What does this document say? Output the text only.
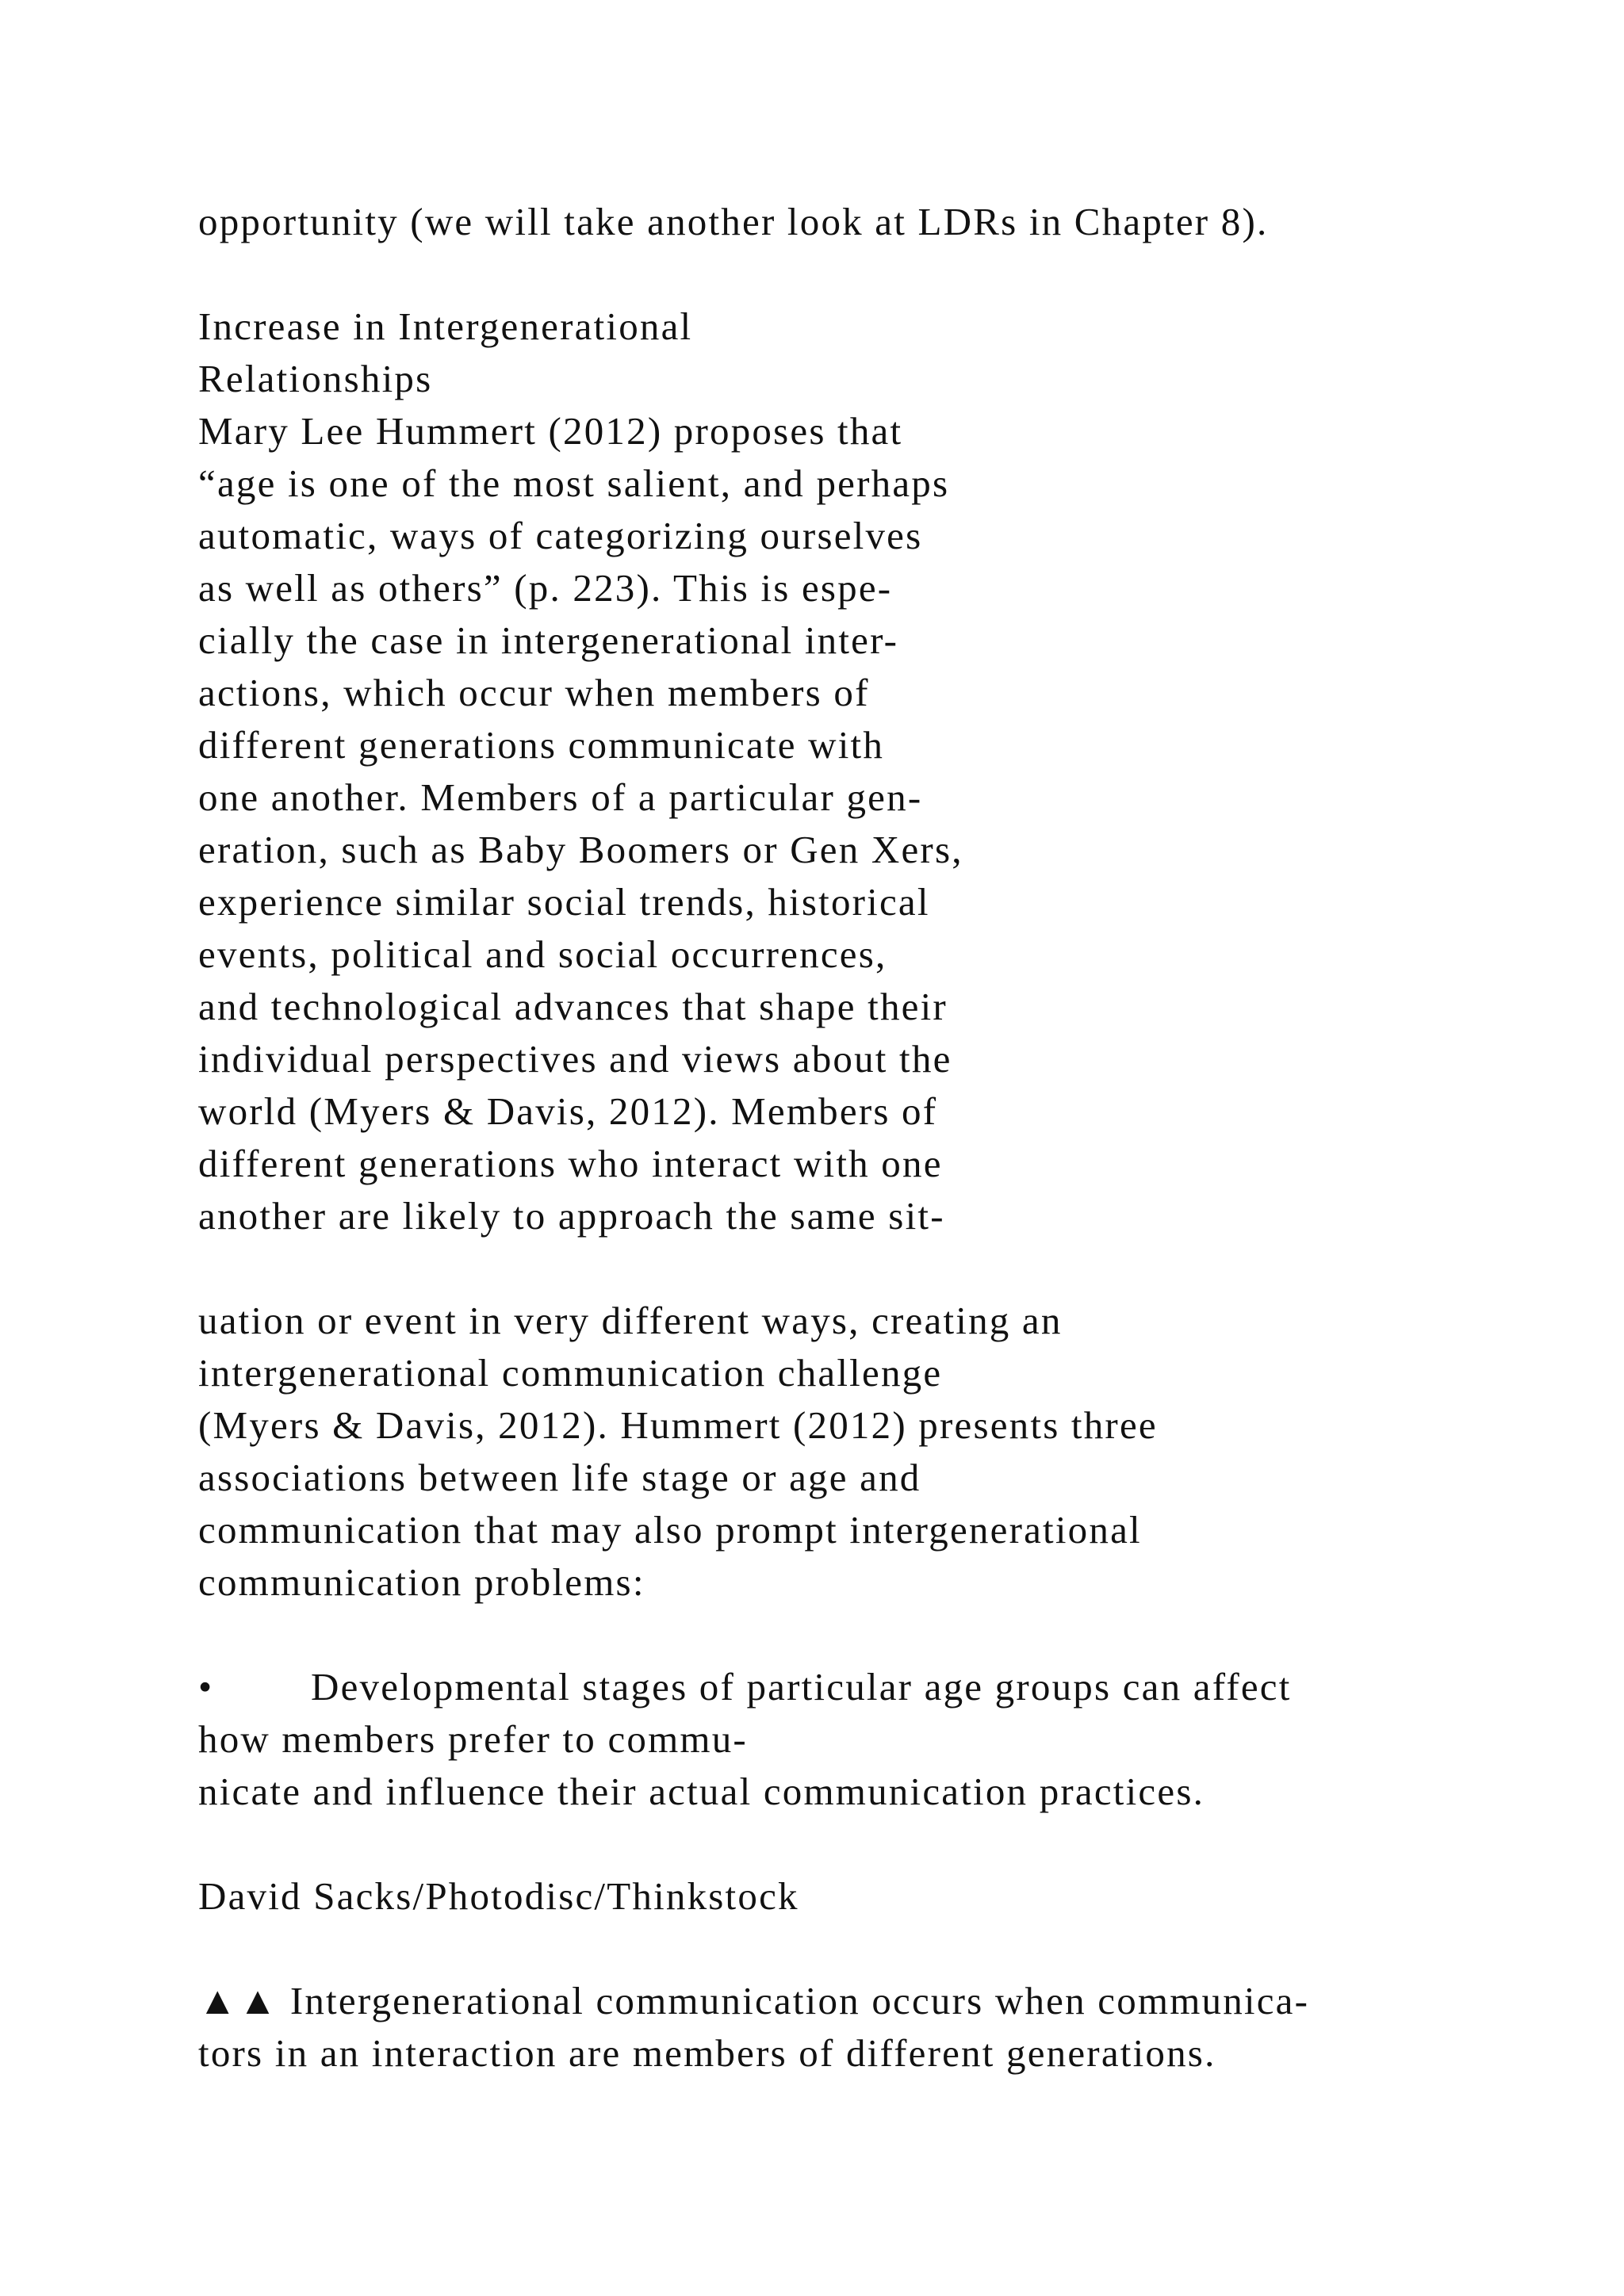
opportunity (we will take another look at LDRs in Chapter 8).

Increase in Intergenerational

Relationships

Mary Lee Hummert (2012) proposes that

“age is one of the most salient, and perhaps

automatic, ways of categorizing ourselves

as well as others” (p. 223). This is espe-

cially the case in intergenerational inter-

actions, which occur when members of

different generations communicate with

one another. Members of a particular gen-

eration, such as Baby Boomers or Gen Xers,

experience similar social trends, historical

events, political and social occurrences,

and technological advances that shape their

individual perspectives and views about the

world (Myers & Davis, 2012). Members of

different generations who interact with one

another are likely to approach the same sit-

uation or event in very different ways, creating an

intergenerational communication challenge

(Myers & Davis, 2012). Hummert (2012) presents three

associations between life stage or age and

communication that may also prompt intergenerational

communication problems:

•	Developmental stages of particular age groups can affect

how members prefer to commu-

nicate and influence their actual communication practices.

David Sacks/Photodisc/Thinkstock

▲▲ Intergenerational communication occurs when communica-

tors in an interaction are members of different generations.
